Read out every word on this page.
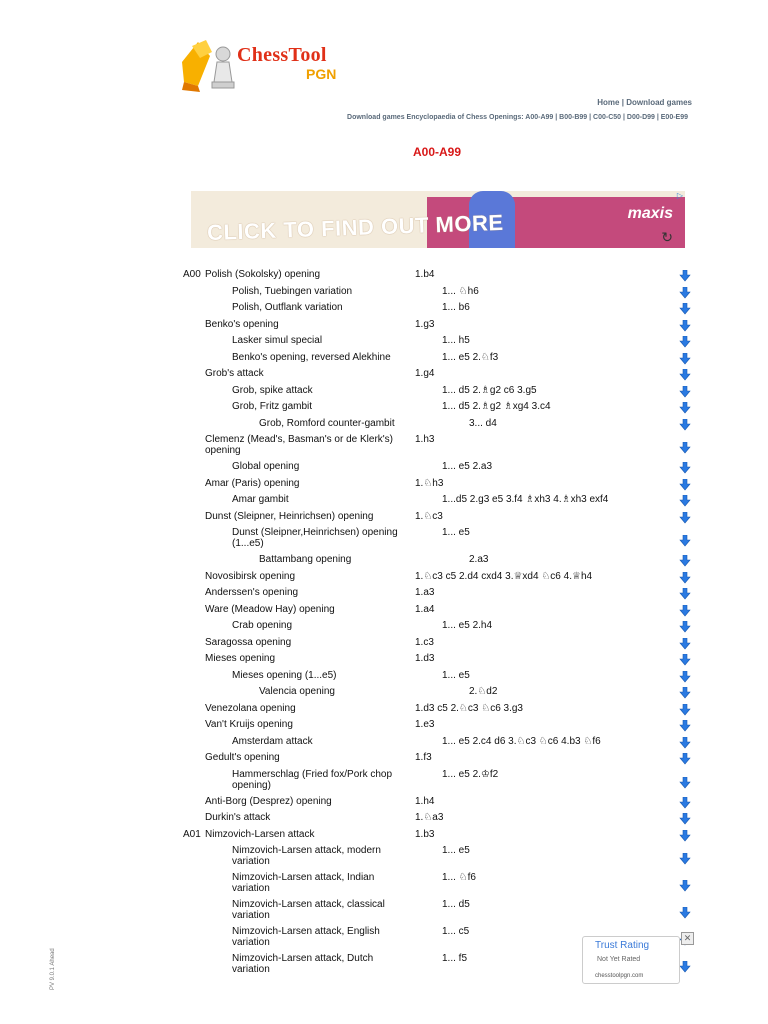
ChessTool
PGN
Home | Download games
Download games Encyclopaedia of Chess Openings: A00-A99 | B00-B99 | C00-C50 | D00-D99 | E00-E99
A00-A99
CLICK TO FIND OUT MORE	maxis
↻
▷
A00 Polish (Sokolsky) opening	1.b4
Polish, Tuebingen variation	1... ♘h6
Polish, Outflank variation	1... b6
Benko's opening	1.g3
Lasker simul special	1... h5
Benko's opening, reversed Alekhine	1... e5 2.♘f3
Grob's attack	1.g4
Grob, spike attack	1... d5 2.♗g2 c6 3.g5
Grob, Fritz gambit	1... d5 2.♗g2 ♗xg4 3.c4
Grob, Romford counter-gambit	3... d4
Clemenz (Mead's, Basman's or de Klerk's) opening
1.h3
Global opening	1... e5 2.a3
Amar (Paris) opening	1.♘h3
Amar gambit	1...d5 2.g3 e5 3.f4 ♗xh3 4.♗xh3 exf4
Dunst (Sleipner, Heinrichsen) opening	1.♘c3
Dunst (Sleipner,Heinrichsen) opening (1...e5)
1... e5
Battambang opening	2.a3
Novosibirsk opening	1.♘c3 c5 2.d4 cxd4 3.♕xd4 ♘c6 4.♕h4
Anderssen's opening	1.a3
Ware (Meadow Hay) opening	1.a4
Crab opening	1... e5 2.h4
Saragossa opening	1.c3
Mieses opening	1.d3
Mieses opening (1...e5)	1... e5
Valencia opening	2.♘d2
Venezolana opening	1.d3 c5 2.♘c3 ♘c6 3.g3
Van't Kruijs opening	1.e3
Amsterdam attack	1... e5 2.c4 d6 3.♘c3 ♘c6 4.b3 ♘f6
Gedult's opening	1.f3
Hammerschlag (Fried fox/Pork chop opening)
1... e5 2.♔f2
Anti-Borg (Desprez) opening	1.h4
Durkin's attack	1.♘a3
A01 Nimzovich-Larsen attack	1.b3
Nimzovich-Larsen attack, modern variation
1... e5
Nimzovich-Larsen attack, Indian variation
1... ♘f6
Nimzovich-Larsen attack, classical variation
1... d5
Nimzovich-Larsen attack, English variation
1... c5
Nimzovich-Larsen attack, Dutch variation
1... f5
Trust Rating
Not Yet Rated
chesstoolpgn.com
✕
PV 9.0.1 Ahead
